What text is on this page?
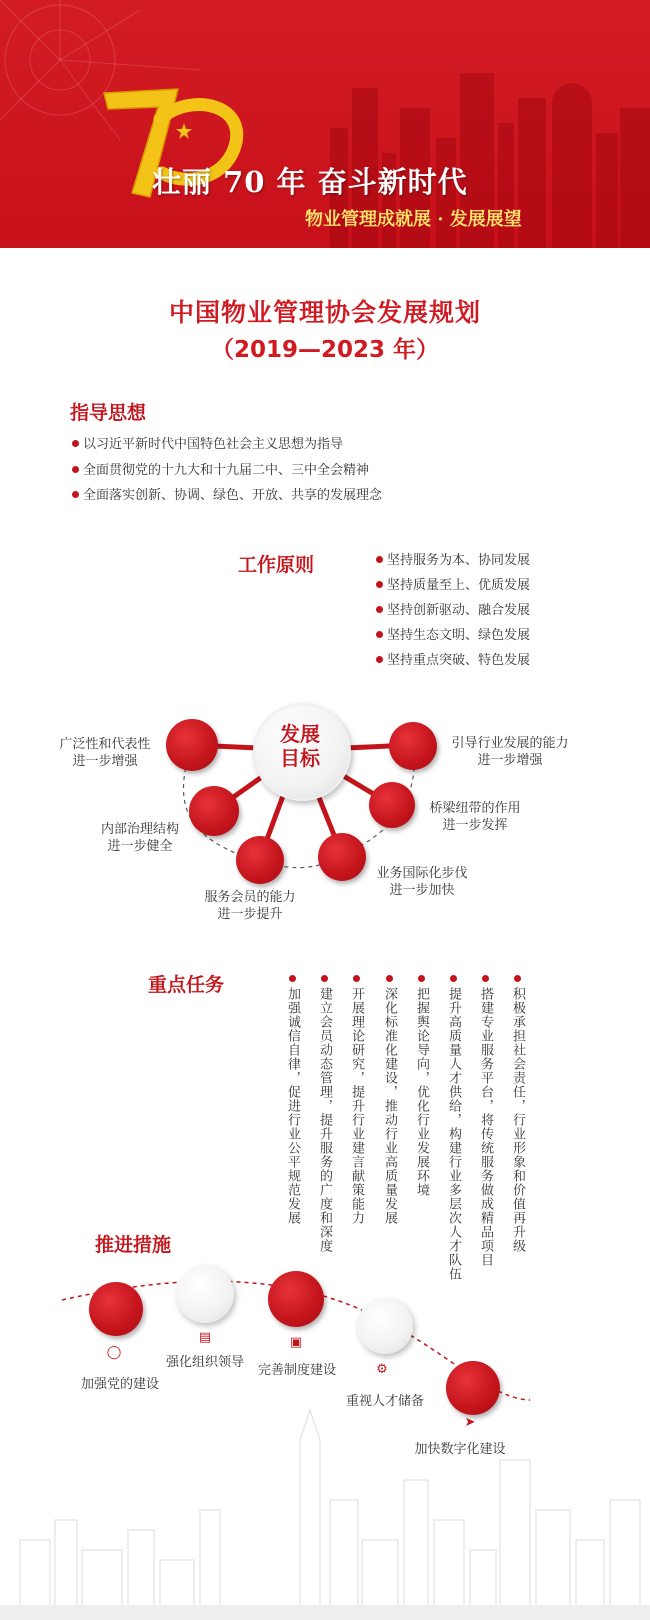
壮丽 70 年 奋斗新时代
物业管理成就展 · 发展展望
中国物业管理协会发展规划
（2019—2023 年）
指导思想
以习近平新时代中国特色社会主义思想为指导
全面贯彻党的十九大和十九届二中、三中全会精神
全面落实创新、协调、绿色、开放、共享的发展理念
工作原则	坚持服务为本、协同发展
坚持质量至上、优质发展
坚持创新驱动、融合发展
坚持生态文明、绿色发展
坚持重点突破、特色发展
发展
目标
广泛性和代表性
进一步增强
内部治理结构
进一步健全
服务会员的能力
进一步提升
业务国际化步伐
进一步加快
桥梁纽带的作用
进一步发挥
引导行业发展的能力
进一步增强
重点任务
加强诚信自律，促进行业公平规范发展 建立会员动态管理，提升服务的广度和深度 开展理论研究，提升行业建言献策能力 深化标准化建设，推动行业高质量发展 把握舆论导向，优化行业发展环境 提升高质量人才供给，构建行业多层次人才队伍 搭建专业服务平台，将传统服务做成精品项目 积极承担社会责任，行业形象和价值再升级
推进措施
◯
▤	▣
⚙
➤
加强党的建设
强化组织领导
完善制度建设
重视人才储备
加快数字化建设
